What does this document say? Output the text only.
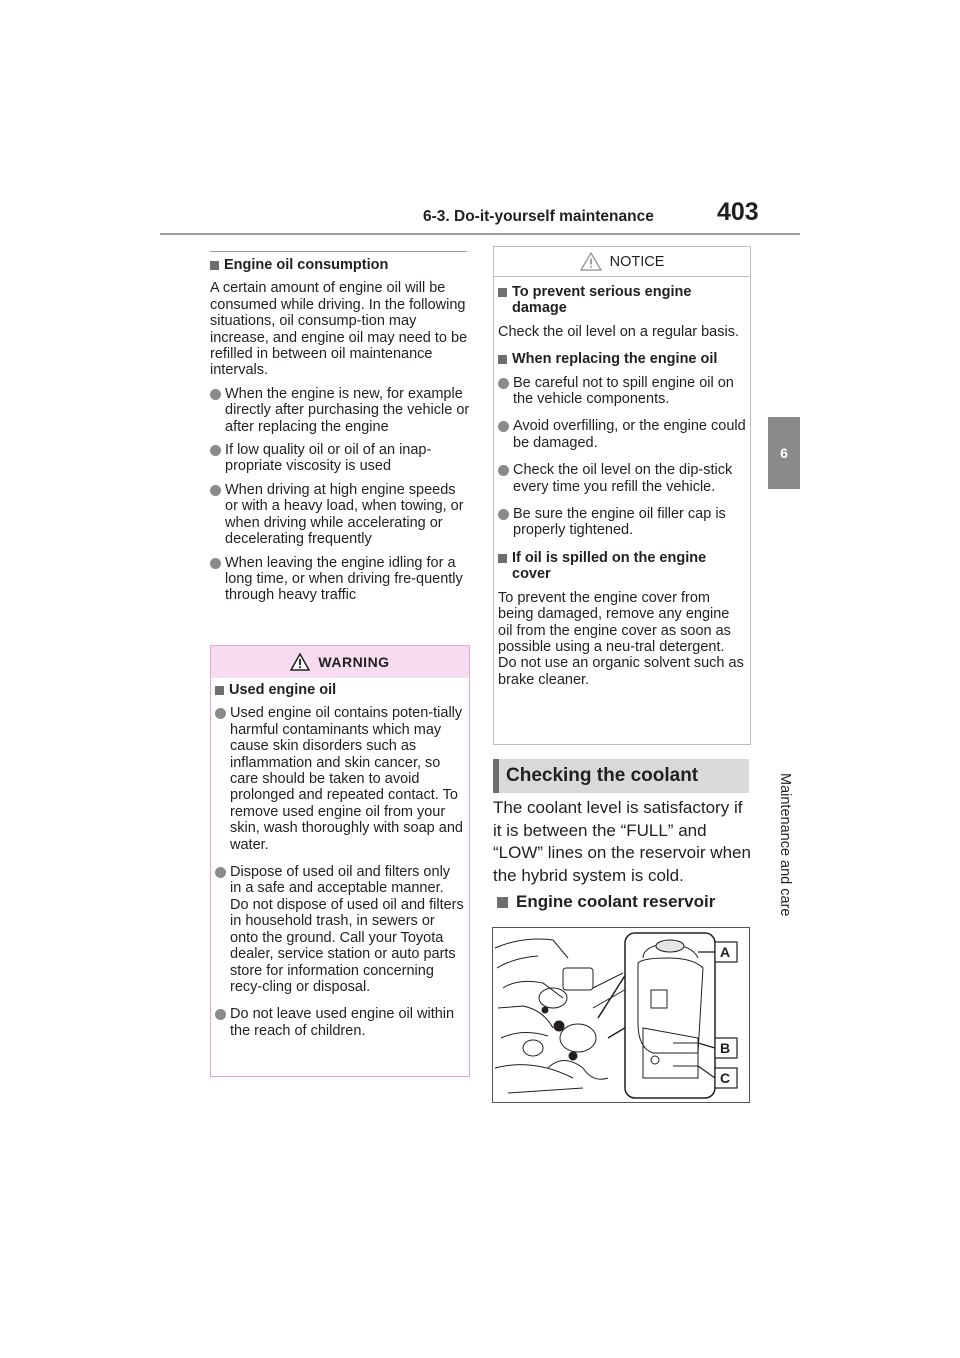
6-3. Do-it-yourself maintenance	403
6
Maintenance and care
Engine oil consumption

A certain amount of engine oil will be consumed while driving. In the following situations, oil consump-tion may increase, and engine oil may need to be refilled in between oil maintenance intervals.

When the engine is new, for example directly after purchasing the vehicle or after replacing the engine
If low quality oil or oil of an inap-propriate viscosity is used
When driving at high engine speeds or with a heavy load, when towing, or when driving while accelerating or decelerating frequently
When leaving the engine idling for a long time, or when driving fre-quently through heavy traffic
WARNING
Used engine oil
Used engine oil contains poten-tially harmful contaminants which may cause skin disorders such as inflammation and skin cancer, so care should be taken to avoid prolonged and repeated contact. To remove used engine oil from your skin, wash thoroughly with soap and water.
Dispose of used oil and filters only in a safe and acceptable manner. Do not dispose of used oil and filters in household trash, in sewers or onto the ground. Call your Toyota dealer, service station or auto parts store for information concerning recy-cling or disposal.
Do not leave used engine oil within the reach of children.
NOTICE
To prevent serious engine damage

Check the oil level on a regular basis.

When replacing the engine oil
Be careful not to spill engine oil on the vehicle components.
Avoid overfilling, or the engine could be damaged.
Check the oil level on the dip-stick every time you refill the vehicle.
Be sure the engine oil filler cap is properly tightened.
If oil is spilled on the engine cover

To prevent the engine cover from being damaged, remove any engine oil from the engine cover as soon as possible using a neu-tral detergent. Do not use an organic solvent such as brake cleaner.

Checking the coolant

The coolant level is satisfactory if it is between the “FULL” and “LOW” lines on the reservoir when the hybrid system is cold.

Engine coolant reservoir
A
B
C
